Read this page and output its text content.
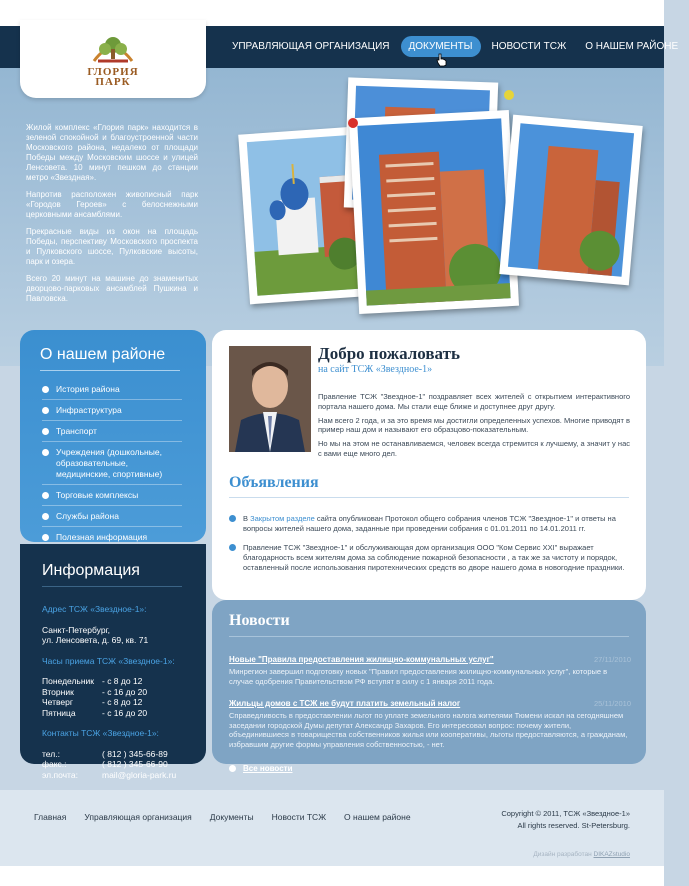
ГЛОРИЯ
ПАРК
УПРАВЛЯЮЩАЯ ОРГАНИЗАЦИЯ	ДОКУМЕНТЫ	НОВОСТИ ТСЖ	О НАШЕМ РАЙОНЕ

Жилой комплекс «Глория парк» находится в зеленой спокойной и благоустроенной части Московского района, недалеко от площади Победы между Московским шоссе и улицей Ленсовета. 10 минут пешком до станции метро «Звездная».

Напротив расположен живописный парк «Городов Героев» с белоснежными церковными ансамблями.

Прекрасные виды из окон на площадь Победы, перспективу Московского проспекта и Пулковского шоссе, Пулковские высоты, парк и озера.

Всего 20 минут на машине до знаменитых дворцово-парковых ансамблей Пушкина и Павловска.

О нашем районе
История района
Инфраструктура
Транспорт
Учреждения (дошкольные, образовательные, медицинские, спортивные)
Торговые комплексы
Службы района
Полезная информация
Информация
Адрес ТСЖ «Звездное-1»:
Санкт-Петербург,
ул. Ленсовета, д. 69, кв. 71
Часы приема ТСЖ «Звездное-1»:
Понедельник - с 8 до 12
Вторник	- с 16 до 20
Четверг	- с 8 до 12
Пятница	- с 16 до 20
Контакты ТСЖ «Звездное-1»:
тел.:	( 812 ) 345-66-89
факс.:	( 812 ) 345-66-90
эл.почта:	mail@gloria-park.ru
Добро пожаловать
на сайт ТСЖ «Звездное-1»

Правление ТСЖ "Звездное-1" поздравляет всех жителей с открытием интерактивного портала нашего дома. Мы стали еще ближе и доступнее друг другу.

Нам всего 2 года, и за это время мы достигли определенных успехов. Многие приводят в пример наш дом и называют его образцово-показательным.

Но мы на этом не останавливаемся, человек всегда стремится к лучшему, а значит у нас с вами еще много дел.

Объявления
В Закрытом разделе сайта опубликован Протокол общего собрания членов ТСЖ "Звездное-1" и ответы на вопросы жителей нашего дома, заданные при проведении собрания с 01.01.2011 по 14.01.2011 гг.
Правление ТСЖ "Звездное-1" и обслуживающая дом организация ООО "Ком Сервис XXI" выражает благодарность всем жителям дома за соблюдение пожарной безопасности , а так же за чистоту и порядок, оставленный после использования пиротехнических средств во дворе нашего дома в новогодние праздники.
Новости
Новые "Правила предоставления жилищно-коммунальных услуг"	27/11/2010
Минрегион завершил подготовку новых "Правил предоставления жилищно-коммунальных услуг", которые в случае одобрения Правительством РФ вступят в силу с 1 января 2011 года.
Жильцы домов с ТСЖ не будут платить земельный налог	25/11/2010
Справедливость в предоставлении льгот по уплате земельного налога жителями Тюмени искал на сегодняшнем заседании городской Думы депутат Александр Захаров. Его интересовал вопрос: почему жители, объединившиеся в товарищества собственников жилья или кооперативы, льготы предоставляются, а гражданам, избравшим другие формы управления собственностью, - нет.
Все новости
Главная Управляющая организация Документы Новости ТСЖ О нашем районе	Copyright © 2011, ТСЖ «Звездное-1»
All rights reserved. St-Petersburg.
Дизайн разработан DIKAZstudio
